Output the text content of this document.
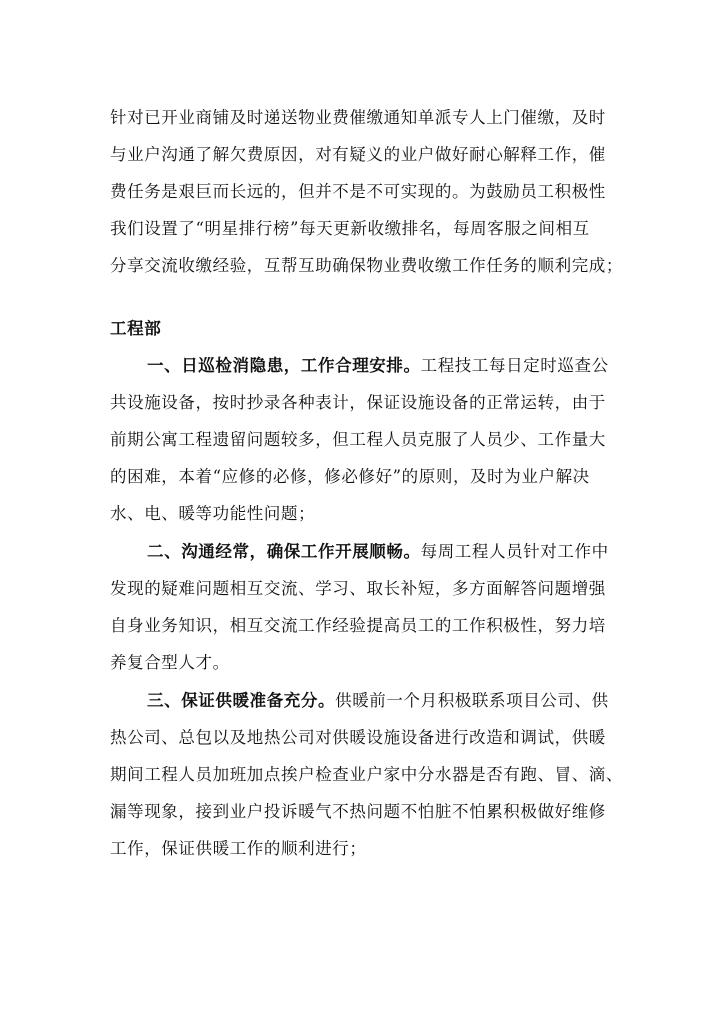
针对已开业商铺及时递送物业费催缴通知单派专人上门催缴，及时
与业户沟通了解欠费原因，对有疑义的业户做好耐心解释工作，催
费任务是艰巨而长远的，但并不是不可实现的。为鼓励员工积极性
我们设置了“明星排行榜”每天更新收缴排名，每周客服之间相互
分享交流收缴经验，互帮互助确保物业费收缴工作任务的顺利完成；
工程部
一、日巡检消隐患，工作合理安排。工程技工每日定时巡查公
共设施设备，按时抄录各种表计，保证设施设备的正常运转，由于
前期公寓工程遗留问题较多，但工程人员克服了人员少、工作量大
的困难，本着“应修的必修，修必修好”的原则，及时为业户解决
水、电、暖等功能性问题；
二、沟通经常，确保工作开展顺畅。每周工程人员针对工作中
发现的疑难问题相互交流、学习、取长补短，多方面解答问题增强
自身业务知识，相互交流工作经验提高员工的工作积极性，努力培
养复合型人才。
三、保证供暖准备充分。供暖前一个月积极联系项目公司、供
热公司、总包以及地热公司对供暖设施设备进行改造和调试，供暖
期间工程人员加班加点挨户检查业户家中分水器是否有跑、冒、滴、
漏等现象，接到业户投诉暖气不热问题不怕脏不怕累积极做好维修
工作，保证供暖工作的顺利进行；
